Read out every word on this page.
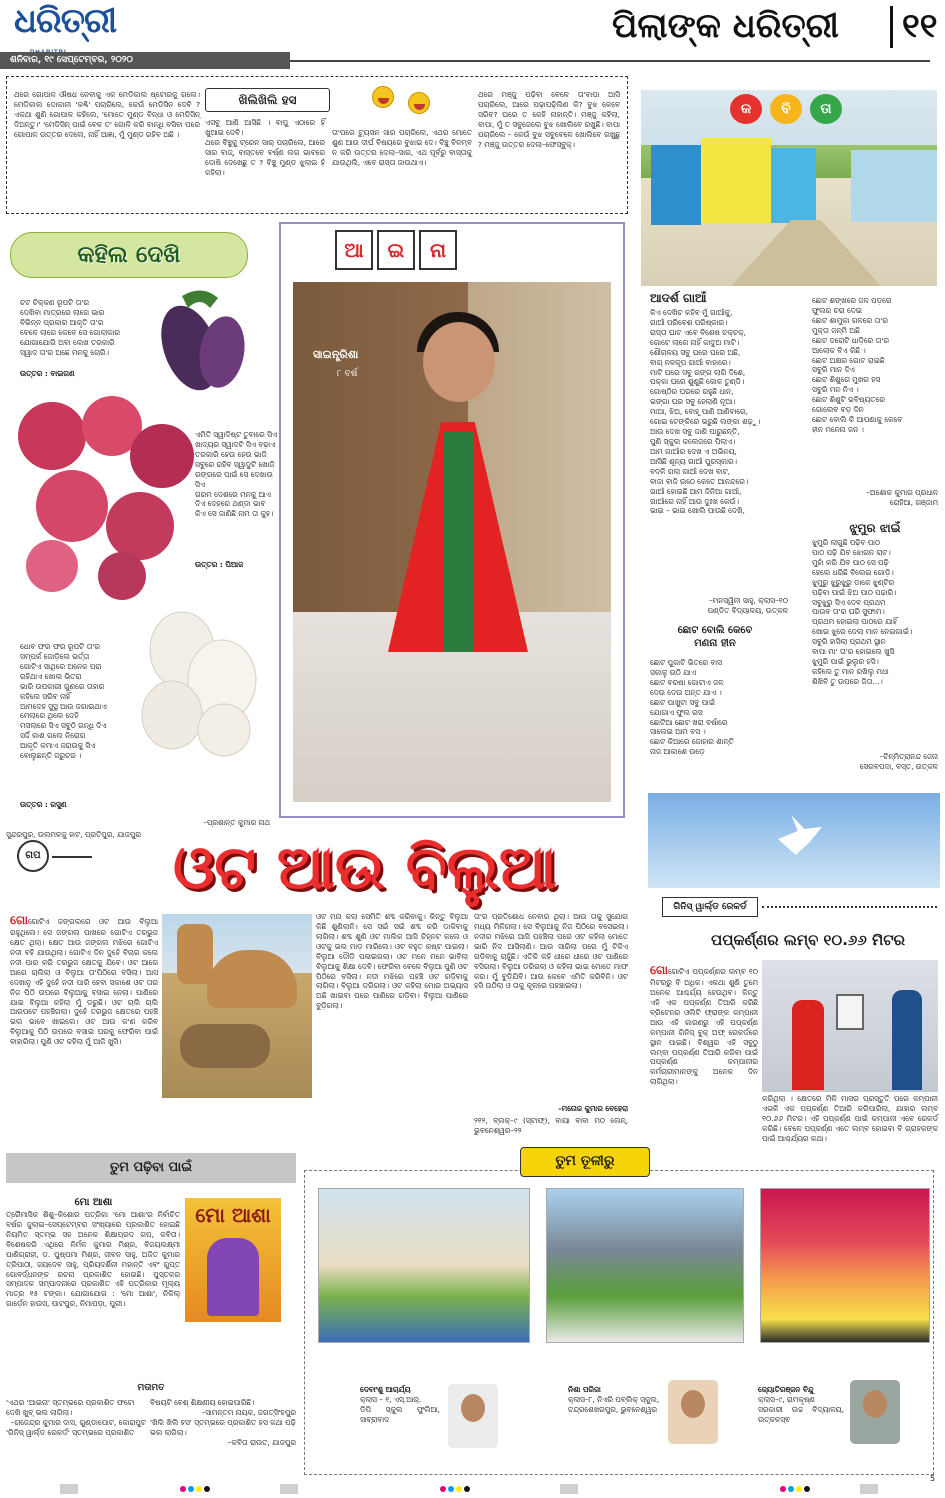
ଧରିତ୍ରୀ
ଶନିବାର, ୧୯ ସେପ୍ଟେମ୍ବର, ୨୦୨୦
ପିଲାଙ୍କ ଧରିତ୍ରୀ ୧୧
ଖିଲିଖିଲି ହସ
ଥରେ ଗୋପାଳ ଔଷଧ ନେବାକୁ ଏକ ମେଡିକାଲ ଷ୍ଟୋରକୁ ଗଲେ। ମେଡିକାଲ ଦୋକାନୀ 'କଣ୍ଢି' ପଚାରିଲେ, କେଉଁ ମେଡିସିନ ଦେବି ? ଏକଥା ଶୁଣି ଗୋପାଳ କହିଲେ, 'ମୋତେ ମୁଣ୍ଡ ବିନ୍ଧା ଓ ମେଡିସିନ୍ ଦିଅନ୍ତୁ।' 'ମେଡିସିନ୍ ପାଇଁ ବେଳ ତ' ଗୋଳି କରି ବାନ୍ଧି ବସିବା ପରେ ଗୋପାଳ ଉତ୍ତର ଦେଲେ, ନାହିଁ ଆଜ୍ଞା, ମୁଁ ମୁଣ୍ଡ ରହିବ ଅଛି ।

ଏସବୁ ଆଣି ଆସିଛି । ବାପୁ ଏଠାରେ ହିଁ ଖୁଆଇ ଦେବି।

ଥରେ ବିଞ୍ଚୁକୁ ଟ୍ରେନ ସାର୍ ପଚାରିଲେ, ଆରେ ସାର ବାଜ୍, ବାସ୍ତବେ ବର୍ଷ୍ଣ ଲଗ ଭାବରେ ଦୋଷି ଦେଖେଛୁ ତ ? ବିଞ୍ଚୁ ମୁଣ୍ଡ ଝୁଲାଇ ହଁ କହିଲା।

ତା'ପରେ ଟ୍ୟୁସନ ସାର ପଚାରିଲେ, ଏଥର ମୋତେ ଶୁଣ ଆଉ ଦୀର୍ଘ ବିଷୟରେ ବୁଝାଇ ଦେ। ବିଞ୍ଚୁ ବିଳମ୍ବ ନ କରି ଉତ୍ତର ଦେଲା–ସାର, ଏଥ ପୂର୍ବରୁ ବାସ୍ତାକୁ ଯାଉଥିଲି, ଏବେ ରାସ୍ତା ଜାଉଥାଏ।
ଥରେ ମଞ୍ଜୁ ପଢ଼ିବା ବେଳେ ତା'ବାପା ଆସି ପଚାରିଲେ, ଆରେ ପଢ଼ାପଢ଼ିଲିଣ କି? ବୁଝ କେବେ ସରିବ? ଘରେ ତ କେହି ନାହାନ୍ତି। ମଞ୍ଜୁ କହିଲା, ବାପା, ମୁଁ ତ ସବୁଜେଲେ ବୁଝ ଖୋଲିବେ ରଖୁଛି। ବାପା ପଚାରିଲେ – କେଉଁ ବୁଝ ସବୁବେଳେ ଖୋଲିବେ ରଖୁଛୁ ? ମଞ୍ଜୁ ଉତ୍ତର ଦେଲା–ଫେସ୍‌ବୁକ୍।
କ	ବି	ତା
ଆଦର୍ଶ ଗାଆଁ
କିଏ ଦେଖିଚ କହିବ ମୁଁ ଗାଆଁକୁ,
ଗାଆଁ ପରିବେଶ ପରିଷ୍କାର।
ରାସ୍ତା ଘାଟ ଏବେ ବିଶେଷ ଚକ୍ଚକ୍,
ଗୋଟେ ଲାଗେ ନାହିଁ କାଦୁଅ ମାଟି।
ଶୌଚାଳୟ ସବୁ ଘରେ ଘରେ ଅଛି,
ବାଗ୍ ନଳକୂପ ଗାଆଁ ବାହାରେ।
ମାଟି ଘରେ ସବୁ ରଙ୍ଗ ଲାଗି ଦିଶେ,
ପକ୍କା ଘରେ ଶୁଣୁଛି କୋଳ ତୁଣ୍ଡି।
ଗୋଷ୍ଠିର ଘରରେ ରହୁଛି ଧାନ,
ଭଙ୍ଗା ଘର ସବୁ ହେଲାଣି ନୂଆ।
ମାଆ, ଝିଅ, ବୋହୂ ପାଣି ଆଣିବାରେ,
ଗୋଇ ଟେଙ୍କିରେ ଭରୁଛି ଲଙ୍କା ଶଢ଼ୁ।
ଆଉ ଦେଖ ସବୁ ଜାଣି ପାରୁଛନ୍ତି,
ପୁଣି ସ୍କୁଲ କଲେଜରେ ପିଲାଏ।
ଆମ ଗାଆଁର ଦେଖ ଏ ଅଭିନୟ,
ଆସିଛି ଶୂନ୍ୟ ଗାଆଁ ପୁରସ୍କାର।
ବଦଳି ଗଲା ଗାଆଁ ଦେଖ ବାଟ,
ବାଜା ବାଜି ଉଠେ କେତେ ଆନନ୍ଦରେ।
ଗାଆଁ ହୋଇଛି ଆମ ଜିନିଆ ଗାଆଁ,
ଗାଆଁରେ ନାହିଁ ଆଉ ଦୁଃଖ କେଉଁ।
ଭାଇ – ଭାଇ ଖୋଲି ପାଉଛି ଦେଖି,
–ମନସ୍ୱିନୀ ସାହୁ, କ୍ଲାସ–୧୦
ପଣ୍ଡିତ ବିଦ୍ୟାଳୟ, ଉତ୍କଳ
ଛୋଟ ବୋଲି କେବେ
ମଣନା ହୀନ
ଛୋଟ ପୁକାଟି ଭିତରେ ବାସ
ସକାଳୁ ଉଠି ଯାଏ
ଛୋଟ ବରଷା ଗୋଟାଏ ଜଳ
ଦେଉ ଦେଉ ଅନ୍ତ ଯାଏ ।
ଛୋଟ ପାଖୁଟା ସବୁ ପାଇଁ
ଯୋଗାଏ ଫୁଲ ରସ
ଛୋଟିଆ ଛୋଟ ଖରା ବର୍ଷାରେ
ସାଲେଇ ଆମ ବସ ।
ଛୋଟ କିଆରେ ଜୋହାର ଶାନ୍ତି
ନାଜ ଆକାଶେ ଉଡ଼େ
ଛୋଟ ଶଙ୍ଖରେ ଜଳ ପଡ଼ରେ
ଫୁଲର ଚରା ଦେଇ
ଛୋଟ ଶାମୁକା ଗଳରେ ତା'ର
ମୁକ୍ତା ଜନ୍ମି ଅଛି
ଛୋଟ ଦରୋଟି ଧାଡ଼ିରେ ତା'ର
ଆଲୋକ ବିଏ କିଛି ।
ଛୋଟ ଅକ୍ଷର ଗୋଟ ରାଇଛି
ସବୁରି ମାନ ଦିଏ
ଛୋଟ ଶିଶୁରେ ମୁଖର ହସ
ସବୁରି ମନ ନିଏ ।
ଛୋଟ ଶିଶୁଟି ଭବିଷ୍ୟତରେ
ଗୋଲେବ ବଡ଼ ଦିନ
ଛୋଟ ବୋଲି କି ଆପଣାକୁ କେବେ
ହୀନ ମନେନା ଜନ ।
–ଅଶୋକ କୁମାର ପ୍ରଧାନ
ରୋହିଆ, ଗଞ୍ଜାମ
ଝୁମୁର ଝାଇଁ
ଝୁମୁରି ଲାଗୁଛି ପଢ଼ିବ ପାଠ
ପାଠ ପଢ଼ି ଯିବ ଝୋଗନ ଚାଟ।
ମୁହାଁ କରି ଯିବ ପାଠ ସେ ପଢ଼ି
ହେଲେ ଧରିଛି ବିଲେଇ ଗୋଡ଼ି।
ଝୁମୁରୁ ଝୁରୁଝୁରୁ ଡାକେ ଝୁଣ୍ଟିର
ପଢ଼ିବା ପାଇଁ ଝିଅ ପାଠ ପଢାରି।
ସବୁଝୁରୁ ସିଏ ଦେବ ପ୍ରଥମ
ପାଉବ ତା'ର ଘରି ସୁଫାମ।
ପ୍ରଥମ ହୋଇଲା ପାଠରେ ଯାହିଁ
ଖୋଇ ଝୁରେ ଦେଲା ମାନ ନେଇଗାଇଁ।
ସବୁରି ହାସିଲା ପ୍ରଥମ ସ୍ଥାନ
ବାପା ମା' ତା'ର ହୋଇଲେ ଖୁସି
ଝୁମୁରି ପାଇଁ ଭୁଲୁର ହସି।
କହିଲେ ତୁ ମାନ ରଖିଲୁ ମଧା
ଶିଖିବି ତୁ ଉପରେ ଜିତା...।
–ଚିନ୍ମିତ୍ରାନନ୍ଦ ଜେନା
ସେରବପଦା, ବସ୍ତ, ଉତ୍କଳ
କହିଲ ଦେଖି
ଚଟ ଚିକ୍କଣ ରୂପଟି ତା'ର
ଦେଖିବା ମାତ୍ରରେ ଲାଗେ ଭାର
ବିଭିନ୍ନ ପ୍ରକାର ଆକୃତି ତା'ର
ବେଳେ ଲାଗେ କେବେ ସେ ଗୋଲାକାର
ଯୋଗାଯୋଗି ଅବା ଲେଖ ତରକାରି
ସ୍ୱାଦ ତା'ର ଅଛେ ମନକୁ ଚୋରି।
ଉତ୍ତର : ବାଇଗଣ
ଏମିତି ସ୍ୱାଦିଷ୍ଟ ତୁବାରେ ସିଏ
ଖାଦ୍ୟର ସ୍ୱାଦଟି ସିଏ ବଢ଼ାଏ
ତରକାରି ହେଉ ହେଉ ଭାଜି
ସବୁରେ ରହିବ ସ୍ୱାଦୁଟି ଖୋଜି
ରଙ୍ଗରେ ପାଇଁ ସେ ଦେଖାଉ ସିଏ
ଗରମ ଦେଶରେ ମନକୁ ଆଏ
ଦିଏ ଦେହରେ ଥଣ୍ଡା ଭାବ
କିଏ ସେ ଜାଣିଛି ନାମ ତା କୁହ।
ଉତ୍ତର : ପିଆଜ
ଧୋବ ଫର ଫର ରୂପଟି ତା'ର
ସମ୍ପର୍କ ଜୋଡ଼ିଲେ ଭର୍ତ୍ତା
ଗୋଟିଏ ସାଥିରେ ଅନେକ ପରା
ରହିଥାଏ ଖୋଲ ଭିତରା
ଭାରି ଉପକାରୀ ଗୁଣରେ ତାହାର
କହିଲେ ସରିବ ନାହିଁ
ଆମଦେହ ସୁସ୍ଥ ଆଉ ଜଗାଇଥାଏ
ମେଲାରେ ଥିଲେ ଦେହି
ମସଲାରେ ସିଏ ସବୁଠି ଗନ୍ଧି ଦିଏ
ସର୍ଦ୍ଦି କାଶ ଗଲେ ନିରୋଗ
ଆକୃତି କମାଏ ଜରାଉକୁ ସିଏ
ବୋଲୁଛନ୍ତି ଜରୁଚର ।
ଉତ୍ତର : ରସୁଣ
–ପ୍ରଶାନ୍ତ କୁମାର ନାଥ
ସୁନ୍ଦରପୁର, ଉଲମଳକୁ ହାଟ, ପ୍ରତିପୁର, ଯାଜପୁର
ଆ	ଇ	ନା
ସାଇନ୍ତ୍ରିଶା
୮ ବର୍ଷ
ଗପ	ଓଟ ଆଉ ବିଲୁଆ
ଗୋଗୋଟିଏ ଜଙ୍ଗଲରେ ଓଟ ଆଉ ବିଲୁଆ ରହୁଥିଲେ। ସେ ଜଙ୍ଗଲ ପାଖରେ ଗୋଟିଏ ତରଭୁଜ କ୍ଷେତ ଥିଲା। କ୍ଷେତ ଆଉ ଜଙ୍ଗଲ ମଝିରେ ଗୋଟିଏ ନଦୀ ବହି ଯାଉଥିଲା। ଗୋଟିଏ ଦିନ ଦୁହେଁ ବିଚାର କଲେ ନଦୀ ପାର କରି ତରଭୁଜ କ୍ଷେତକୁ ଯିବେ। ଓଟ ଆଗେ ଆଗେ ଚାଲିଲା ଓ ବିଲୁଆ ତା'ପିଠିରେ ବସିଲା। ଆସ ଦେଖାନୁ ଏହି ଦୁହେଁ ନଦୀ ପାରି ହେବା ସକାଶେ ଓଟ ତାର ନିଜ ପିଠି ଉପରେ ବିଲୁଆକୁ ବସାଇ ନେଲା। ପାଣିରେ ଯାଇ ବିଲୁଆ କହିଲା ମୁଁ ଡରୁଛି। ଓଟ ଚାଲି ଚାଲି ଆରପଟେ ପହଞ୍ଚିଗଲା। ଦୁହେଁ ତରଭୁଜ କ୍ଷେତରେ ପହଞ୍ଚି ଭଲ ଭାବେ ଖାଇଲେ। ଓଟ ଆଉ କ'ଣ କରିବ ବିଲୁଆକୁ ପିଠି ଉପରେ ବସାଇ ଘରକୁ ଫେରିବା ପାଇଁ ବାହାରିଲା। ପୁଣି ଓଟ କହିଲା ମୁଁ ଆଜି ଖୁସି।
ଓଟ ମନା କଲା ସେମିତି ଶବ୍ଦ କରିବାକୁ। କିନ୍ତୁ ବିଲୁଆ କିଛି ଶୁଣିଲାନି। ସେ ସଇଁ ସଇଁ ଶବ୍ଦ କରି ଡାକିବାକୁ ଲାଗିଲା। ଶବ୍ଦ ଶୁଣି ଓଟ ମାଲିକ ଆସି ଚିହ୍ନଟ କଲେ ଓ ଓଟକୁ ଭଲ ମାଡ଼ ମାରିଲେ। ଓଟ ବହୁତ କଷ୍ଟ ପାଇଲା। ବିଲୁଆ ଦୌଡ଼ି ପଳାଇଗଲା। ଓଟ ମନେ ମନେ ଭାବିଲା ବିଲୁଆକୁ ଶିକ୍ଷା ଦେବି। ଫେରିବା ବେଳେ ବିଲୁଆ ପୁଣି ଓଟ ପିଠିରେ ବସିଲା। ନଦୀ ମଝିରେ ପହଞ୍ଚି ଓଟ ଗଡ଼ିବାକୁ ଲାଗିଲା। ବିଲୁଆ ଡରିଗଲା। ଓଟ କହିଲା ମୋର ଅଭ୍ୟାସ ଅଛି ଖାଇବା ପରେ ପାଣିରେ ଗଡ଼ିବା। ବିଲୁଆ ପାଣିରେ ବୁଡ଼ିଗଲା।
ତା'ର ପ୍ରତିଶୋଧ ନେବାର ଥିଲା। ଆଉ ତାକୁ ସୁଯୋଗ ମଧ୍ୟ ମିଳିଗଲା। ସେ ବିଲୁଆକୁ ନିଜ ପିଠିରେ ବସେଇଲା। ନଦୀର ମଝିରେ ଆସି ପହଞ୍ଚିଲା ପରେ ଓଟ କହିଲା ମୋତେ ଭାରି ନିଦ ଆସିଲାଣି। ଆଉ ସାରିଲା ପରେ ମୁଁ ଟିକିଏ ଗଡ଼ିବାକୁ ଚାହୁଁଛି। ଏତିକି କହି ଧୀରେ ଧୀରେ ଓଟ ପାଣିରେ ବସିଗଲା। ବିଲୁଆ ଡରିଗଲା ଓ କହିଲା ଭାଇ ମୋତେ ମାଫ କର। ମୁଁ ବୁଡ଼ିଯିବି। ଆଉ କେବେ ଏମିତି କରିବିନି। ଓଟ ହସି ଉଠିଲା ଓ ତାକୁ କୂଳରେ ପହଞ୍ଚାଇଲା।
–ମନୋଜ କୁମାର ବେହେରା
୨୧୨, ବ୍ଲକ୍–୯ (ସ୍ଟାଫ୍), ବାୟା ବାବା ମଠ ଲେନ୍, ଭୁବନେଶ୍ୱର–୨୨
ଗିନିସ୍ ୱାର୍ଲ୍ଡ ରେକର୍ଡ
ପପ୍‌କର୍ଣ୍ଣର ଲମ୍ବ ୧୦.୬୬ ମିଟର
ଗୋଗୋଟିଏ ପପ୍‌କର୍ଣ୍ଣର ଲମ୍ବ ୧୦ ମିଟରରୁ ବି ଅଧିକ। ଏକଥା ଶୁଣି ତୁମେ ଅନେକ ଆଶ୍ଚର୍ଯ୍ୟ ହେଉଥିବ। କିନ୍ତୁ ଏହି ଏକ ପପ୍‌କର୍ଣ୍ଣ ତିଆରି କରିଛି ବ୍ରିଟେନର ଓଲିଟି ଫ୍ରାଙ୍କ କମ୍ପାନୀ ଆଉ ଏହି କାରଣରୁ ଏହି ପପ୍‌କର୍ଣ୍ଣ କମ୍ପାନୀ ଗିନିସ୍ ବୁକ୍ ଅଫ୍ ରେକର୍ଡରେ ସ୍ଥାନ ପାଇଛି। ବିଶ୍ୱର ଏହି ସବୁଠୁ ଲମ୍ବା ପପ୍‌କର୍ଣ୍ଣ ତିଆରି କରିବା ପାଇଁ ପପ୍‌କର୍ଣ୍ଣ କମ୍ପାନୀର କର୍ମଚାରୀମାନଙ୍କୁ ଅନେକ ଦିନ ଲାଗିଥିଲା।
କରିଥିଲା । କ୍ଷେତରେ ମିଳି ମାସର ପ୍ରସ୍ତୁତି ପରେ କମ୍ପାନୀ ଏଭଳି ଏକ ପପ୍‌କର୍ଣ୍ଣ ତିଆରି କରିପାରିଲା, ଯାହାର ଲମ୍ବ ୧୦.୬୬ ମିଟର। ଏହି ପପ୍‌କର୍ଣ୍ଣ ପାଇଁ କମ୍ପାନୀ ଏବେ ରେକର୍ଡ କରିଛି। ବେଳେ ପପ୍‌କର୍ଣ୍ଣ ଏତେ ଲମ୍ବ ହୋଇବା ବି ଗ୍ରାହକଙ୍କ ପାଇଁ ଆଶ୍ଚର୍ଯ୍ୟର କଥା।
ତୁମ ପଢ଼ିବା ପାଇଁ
ମୋ ଆଶା
ତ୍ରୈମାସିକ ଶିଶୁ–କିଶୋର ପତ୍ରିକା 'ମୋ ଆଶା'ର ନିର୍ବାଚିତ ବର୍ଷର ଜୁଲାଇ–ସେପ୍ଟେମ୍ବର ସଂଖ୍ୟାରେ ପ୍ରକାଶିତ ହୋଇଛି ନିୟମିତ ସ୍ତମ୍ଭ ସହ ଅନେକ ଶିକ୍ଷାପ୍ରଦ ଗପ, କବିତା। ବିଶେଷକରି ଏଥିରେ ନିର୍ମଳ କୁମାର ମିଶ୍ର, ବିଜୟଲକ୍ଷ୍ମୀ ପାଣିଗ୍ରାହୀ, ଡ. ପୁଷ୍ପମା ମିଶ୍ର, ଜୀବନ ସାହୁ, ଅଜିତ କୁମାର ତ୍ରିପାଠୀ, ଜୟଦେବ ସାହୁ, ପ୍ରିୟଦର୍ଶିନୀ ମହାନ୍ତି ଏବଂ ଗୁପ୍ତ ଗୋବର୍ଦ୍ଧନଙ୍କ ରଚନା ପ୍ରକାଶିତ ହୋଇଛି। ପୁସ୍ତକର ସମ୍ପାଦକ ସମ୍ପାଦନାରେ ପ୍ରକାଶିତ ଏହି ପତ୍ରିକାର ମୂଲ୍ୟ ମାତ୍ର ୧୫ ଟଙ୍କା। ଯୋଗାଯୋଗ : 'ମୋ ଆଶା', ନିକିଲ୍ ଗାର୍ଡ଼େନ ହାଉସ, ପାଟପୁର, ନିମାପଡ଼ା, ପୁରୀ।
ମୋ ଆଶା
ମତାମତ
'ଏଥର 'ଆଇନା' ସ୍ତମ୍ଭରେ ପ୍ରକାଶିତ ଫଟୋ ଦେଖି ଖୁବ୍ ଭଲ ଲାଗିଲା।
–ରାଜେନ୍ଦ୍ର କୁମାର ଦାସ, ଗୁଣ୍ଡାପୋଟ, କୋରାପୁଟ
'ଗିନିସ୍ ୱାର୍ଲ୍ଡ ରେକର୍ଡ' ସ୍ତମ୍ଭରେ ପ୍ରକାଶିତ
ବିଷୟଟି ବେଶ୍ ଶିକ୍ଷଣୀୟ ହୋଇପାରିଛି।
–ସାମନ୍ତମ ନାୟକ, ଜଗତ୍‌ସିଂହପୁର
'ଖିଲି ଖିଲି ହସ' ସ୍ତମ୍ଭରେ ପ୍ରକାଶିତ ହସ କଥା ପଢ଼ି ଭଲ ଲାଗିଲା।
–କବିତା ରାଉତ, ଯାଜପୁର
ତୁମ ତୂଳୀରୁ
ଦେବାଂଶୁ ଆଚାର୍ଯ୍ୟ
କ୍ଲାସ – ୧, ଏସ୍.ଆର୍.
ଡିପି ସ୍କୁଲ ଫୁଲିଆ, ସାବ୍ରାବାଦ
ନିଶା ପରିଜା
କ୍ଲାସ–୮, ନିଏରି ପବ୍ଲିକ୍ ସ୍କୁଲ,
ଚନ୍ଦ୍ରଶେଖରପୁର, ଭୁବନେଶ୍ୱର
ଜ୍ୟୋତିରଞ୍ଜନ ବିନ୍ଦୁ
କ୍ଲାସ–୯, ରାମକୃଷ୍ଣ
ସରକାରୀ ଉଚ୍ଚ ବିଦ୍ୟାଳୟ, ଉତ୍କଳସ୍ଵ
5
